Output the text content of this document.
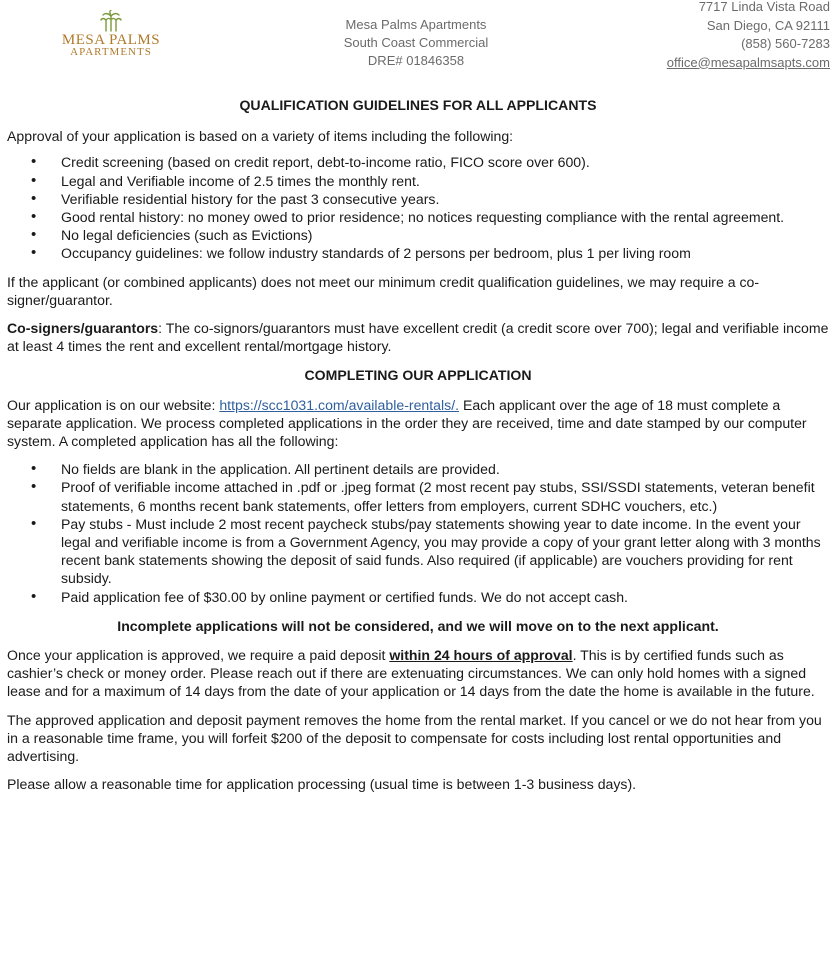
MESA PALMS
APARTMENTS
Mesa Palms Apartments
South Coast Commercial
DRE# 01846358
7717 Linda Vista Road
San Diego, CA 92111
(858) 560-7283
office@mesapalmsapts.com

QUALIFICATION GUIDELINES FOR ALL APPLICANTS

Approval of your application is based on a variety of items including the following:

• Credit screening (based on credit report, debt-to-income ratio, FICO score over 600).
• Legal and Verifiable income of 2.5 times the monthly rent.
• Verifiable residential history for the past 3 consecutive years.
• Good rental history: no money owed to prior residence; no notices requesting compliance with the rental agreement.
• No legal deficiencies (such as Evictions)
• Occupancy guidelines: we follow industry standards of 2 persons per bedroom, plus 1 per living room

If the applicant (or combined applicants) does not meet our minimum credit qualification guidelines, we may require a co-signer/guarantor.

Co-signers/guarantors: The co-signors/guarantors must have excellent credit (a credit score over 700); legal and verifiable income at least 4 times the rent and excellent rental/mortgage history.

COMPLETING OUR APPLICATION

Our application is on our website: https://scc1031.com/available-rentals/. Each applicant over the age of 18 must complete a separate application. We process completed applications in the order they are received, time and date stamped by our computer system. A completed application has all the following:

• No fields are blank in the application. All pertinent details are provided.
• Proof of verifiable income attached in .pdf or .jpeg format (2 most recent pay stubs, SSI/SSDI statements, veteran benefit statements, 6 months recent bank statements, offer letters from employers, current SDHC vouchers, etc.)
• Pay stubs - Must include 2 most recent paycheck stubs/pay statements showing year to date income. In the event your legal and verifiable income is from a Government Agency, you may provide a copy of your grant letter along with 3 months recent bank statements showing the deposit of said funds. Also required (if applicable) are vouchers providing for rent subsidy.
• Paid application fee of $30.00 by online payment or certified funds. We do not accept cash.

Incomplete applications will not be considered, and we will move on to the next applicant.

Once your application is approved, we require a paid deposit within 24 hours of approval. This is by certified funds such as cashier’s check or money order. Please reach out if there are extenuating circumstances. We can only hold homes with a signed lease and for a maximum of 14 days from the date of your application or 14 days from the date the home is available in the future.

The approved application and deposit payment removes the home from the rental market. If you cancel or we do not hear from you in a reasonable time frame, you will forfeit $200 of the deposit to compensate for costs including lost rental opportunities and advertising.

Please allow a reasonable time for application processing (usual time is between 1-3 business days).
